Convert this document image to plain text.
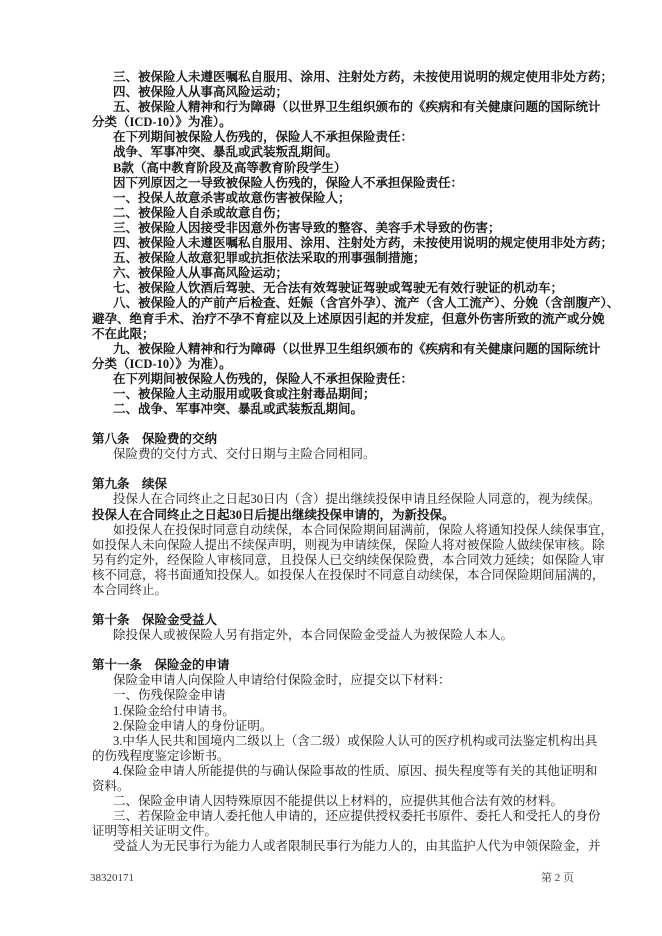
三、被保险人未遵医嘱私自服用、涂用、注射处方药，未按使用说明的规定使用非处方药；
四、被保险人从事高风险运动；
五、被保险人精神和行为障碍（以世界卫生组织颁布的《疾病和有关健康问题的国际统计
分类（ICD-10）》为准）。
在下列期间被保险人伤残的，保险人不承担保险责任：
战争、军事冲突、暴乱或武装叛乱期间。
B款（高中教育阶段及高等教育阶段学生）
因下列原因之一导致被保险人伤残的，保险人不承担保险责任：
一、投保人故意杀害或故意伤害被保险人；
二、被保险人自杀或故意自伤；
三、被保险人因接受非因意外伤害导致的整容、美容手术导致的伤害；
四、被保险人未遵医嘱私自服用、涂用、注射处方药，未按使用说明的规定使用非处方药；
五、被保险人故意犯罪或抗拒依法采取的刑事强制措施；
六、被保险人从事高风险运动；
七、被保险人饮酒后驾驶、无合法有效驾驶证驾驶或驾驶无有效行驶证的机动车；
八、被保险人的产前产后检查、妊娠（含宫外孕）、流产（含人工流产）、分娩（含剖腹产）、
避孕、绝育手术、治疗不孕不育症以及上述原因引起的并发症，但意外伤害所致的流产或分娩
不在此限；
九、被保险人精神和行为障碍（以世界卫生组织颁布的《疾病和有关健康问题的国际统计
分类（ICD-10）》为准）。
在下列期间被保险人伤残的，保险人不承担保险责任：
一、被保险人主动服用或吸食或注射毒品期间；
二、战争、军事冲突、暴乱或武装叛乱期间。
第八条　保险费的交纳
保险费的交付方式、交付日期与主险合同相同。
第九条　续保
投保人在合同终止之日起30日内（含）提出继续投保申请且经保险人同意的，视为续保。
投保人在合同终止之日起30日后提出继续投保申请的，为新投保。
如投保人在投保时同意自动续保，本合同保险期间届满前，保险人将通知投保人续保事宜，
如投保人未向保险人提出不续保声明，则视为申请续保，保险人将对被保险人做续保审核。除
另有约定外，经保险人审核同意，且投保人已交纳续保保险费，本合同效力延续；如保险人审
核不同意，将书面通知投保人。如投保人在投保时不同意自动续保，本合同保险期间届满的，
本合同终止。
第十条　保险金受益人
除投保人或被保险人另有指定外，本合同保险金受益人为被保险人本人。
第十一条　保险金的申请
保险金申请人向保险人申请给付保险金时，应提交以下材料：
一、伤残保险金申请
1.保险金给付申请书。
2.保险金申请人的身份证明。
3.中华人民共和国境内二级以上（含二级）或保险人认可的医疗机构或司法鉴定机构出具
的伤残程度鉴定诊断书。
4.保险金申请人所能提供的与确认保险事故的性质、原因、损失程度等有关的其他证明和
资料。
二、保险金申请人因特殊原因不能提供以上材料的，应提供其他合法有效的材料。
三、若保险金申请人委托他人申请的，还应提供授权委托书原件、委托人和受托人的身份
证明等相关证明文件。
受益人为无民事行为能力人或者限制民事行为能力人的，由其监护人代为申领保险金，并
38320171	第 2 页
